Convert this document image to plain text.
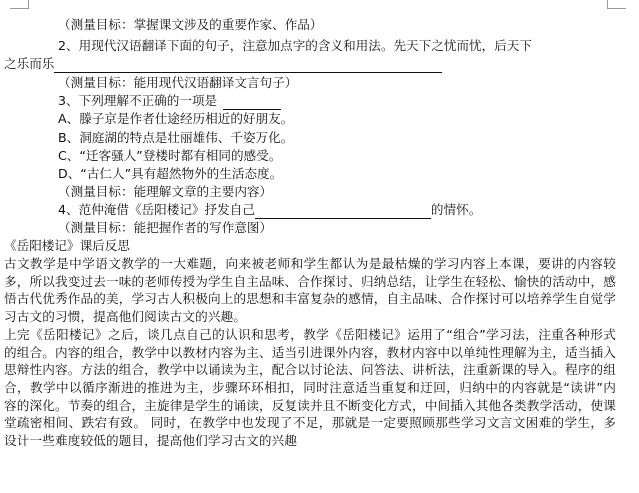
（测量目标：掌握课文涉及的重要作家、作品）
2、用现代汉语翻译下面的句子，注意加点字的含义和用法。先天下之忧而忧，后天下
之乐而乐
（测量目标：能用现代汉语翻译文言句子）
3、下列理解不正确的一项是
A、滕子京是作者仕途经历相近的好朋友。
B、洞庭湖的特点是壮丽雄伟、千姿万化。
C、“迁客骚人”登楼时都有相同的感受。
D、“古仁人”具有超然物外的生活态度。
（测量目标：能理解文章的主要内容）
4、范仲淹借《岳阳楼记》抒发自己	的情怀。
（测量目标：能把握作者的写作意图）
《岳阳楼记》课后反思

古文教学是中学语文教学的一大难题，向来被老师和学生都认为是最枯燥的学习内容上本课，要讲的内容较多，所以我变过去一味的老师传授为学生自主品味、合作探讨、归纳总结，让学生在轻松、愉快的活动中，感悟古代优秀作品的美，学习古人积极向上的思想和丰富复杂的感情，自主品味、合作探讨可以培养学生自觉学习古文的习惯，提高他们阅读古文的兴趣。

上完《岳阳楼记》之后，谈几点自己的认识和思考，教学《岳阳楼记》运用了“组合”学习法，注重各种形式的组合。内容的组合，教学中以教材内容为主、适当引进课外内容，教材内容中以单纯性理解为主，适当插入思辩性内容。方法的组合，教学中以诵读为主，配合以讨论法、问答法、讲析法，注重新课的导入。程序的组合，教学中以循序渐进的推进为主，步骤环环相扣，同时注意适当重复和迂回，归纳中的内容就是“读讲”内容的深化。节奏的组合，主旋律是学生的诵读，反复读并且不断变化方式，中间插入其他各类教学活动，使课堂疏密相间、跌宕有致。 同时，在教学中也发现了不足，那就是一定要照顾那些学习文言文困难的学生，多设计一些难度较低的题目，提高他们学习古文的兴趣
